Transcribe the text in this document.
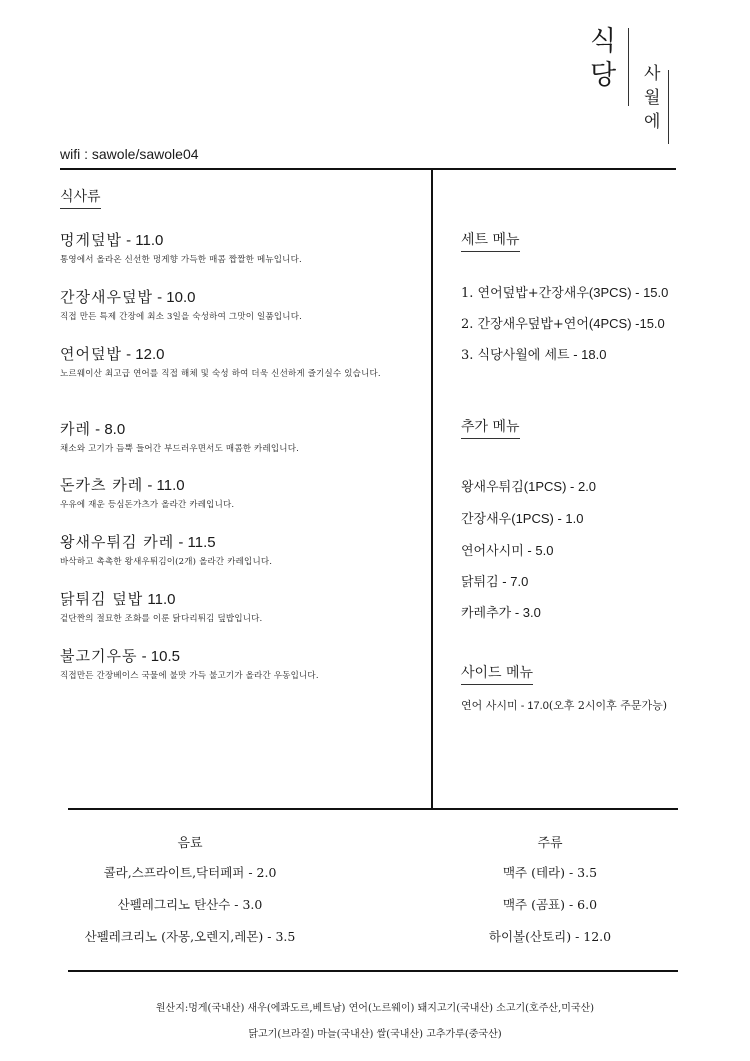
식
당 사
월
에
wifi : sawole/sawole04
식사류
멍게덮밥 - 11.0
통영에서 올라온 신선한 멍게향 가득한 매콤 짭짤한 메뉴입니다.
간장새우덮밥 - 10.0
직접 만든 특제 간장에 최소 3일을 숙성하여 그맛이 일품입니다.
연어덮밥 - 12.0
노르웨이산 최고급 연어를 직접 해체 및 숙성 하여 더욱 신선하게 즐기실수 있습니다.
카레 - 8.0
채소와 고기가 듬뿍 들어간 부드러우면서도 매콤한 카레입니다.
돈카츠 카레 - 11.0
우유에 재운 등심돈가츠가 올라간 카레입니다.
왕새우튀김 카레 - 11.5
바삭하고 촉촉한 왕새우튀김이(2개) 올라간 카레입니다.
닭튀김 덮밥 11.0
겉단짠의 절묘한 조화를 이룬 닭다리튀김 덮밥입니다.
불고기우동 - 10.5
직접만든 간장베이스 국물에 불맛 가득 불고기가 올라간 우동입니다.
세트 메뉴
1. 연어덮밥+간장새우(3PCS) - 15.0
2. 간장새우덮밥+연어(4PCS) -15.0
3. 식당사월에 세트 - 18.0
추가 메뉴
왕새우튀김(1PCS) - 2.0
간장새우(1PCS) - 1.0
연어사시미 - 5.0
닭튀김 - 7.0
카레추가 - 3.0
사이드 메뉴
연어 사시미 - 17.0(오후 2시이후 주문가능)
음료
콜라,스프라이트,닥터페퍼 - 2.0
산펠레그리노 탄산수 - 3.0
산펠레크리노 (자몽,오렌지,레몬) - 3.5
주류
맥주 (테라) - 3.5
맥주 (곰표) - 6.0
하이볼(산토리) - 12.0
원산지:멍게(국내산) 새우(에콰도르,베트남) 연어(노르웨이) 돼지고기(국내산) 소고기(호주산,미국산)
닭고기(브라질) 마늘(국내산) 쌀(국내산) 고추가루(중국산)
